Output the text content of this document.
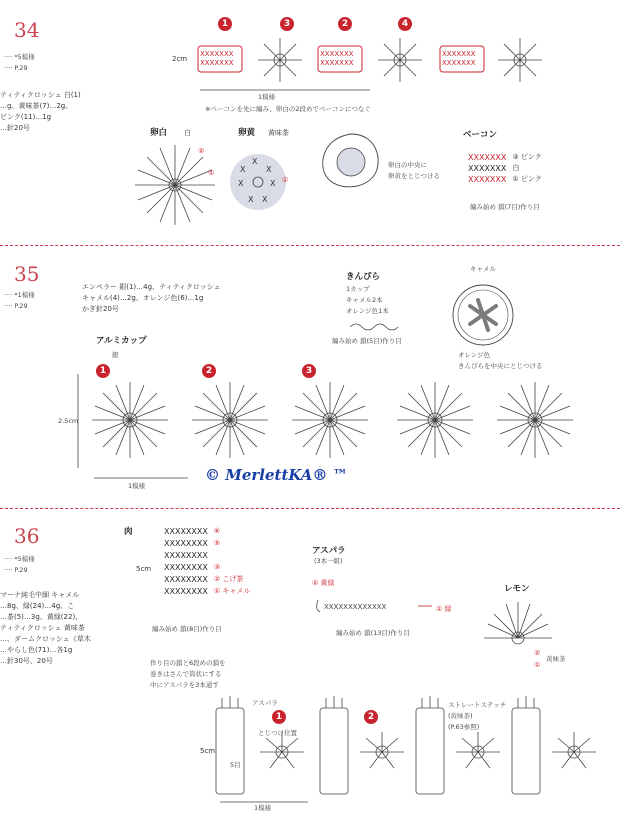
34
···· *5模様
···· P.29
ティティクロッシェ 白(1)
…g、黄味茶(7)…2g、
ピンク(11)…1g
…針20号
35
···· *1模様
···· P.29
エンペラー 銀(1)…4g、ティティクロッシェ
キャメル(4)…2g、オレンジ色(6)…1g
かぎ針20号
36
···· *5模様
···· P.29
マーナ純毛中細 キャメル
…8g、緑(24)…4g、こ
…茶(5)…3g、黄緑(22)、
ティティクロッシェ 黄味茶
…、ダームクロッシェ《草木
…やらし色(71)…各1g
…針30号、20号
1	3	2	4
2cm
XXXXXXX
XXXXXXX
XXXXXXX
XXXXXXX
XXXXXXX
XXXXXXX
1模様
※ベーコンを先に編み、卵白の2段めでベーコンにつなぐ
卵白 白
②
①
卵黄 黄味茶
X
X
X
X
X
X
X
①
卵白の中央に
卵黄をとじつける
ベーコン
XXXXXXX ③ ピンク
XXXXXXX 白
XXXXXXX ① ピンク
編み始め 鎖(7目)作り目
きんぴら
1カップ
キャメル2本
オレンジ色1本
編み始め 鎖(5目)作り目
キャメル
オレンジ色
きんぴらを中央にとじつける
アルミカップ
銀
1	2	3
2.5cm
1模様
© MerlettKA® ™
肉	XXXXXXXX ⑥
XXXXXXXX ⑤
XXXXXXXX
XXXXXXXX ③
XXXXXXXX ② こげ茶
XXXXXXXX ① キャメル
5cm
編み始め 鎖(8目)作り目
アスパラ
(3本一組)
② 黄緑
XXXXXXXXXXXXX	① 緑
編み始め 鎖(13目)作り目
レモン
②
①
黄味茶
作り目の鎖と6段めの鎖を
巻きはさんで筒状にする
中にアスパラを3本通す
アスパラ
1	2
とじつけ位置
ストレートステッチ
(黄味茶)
(P.63参照)
5cm
5目
1模様
